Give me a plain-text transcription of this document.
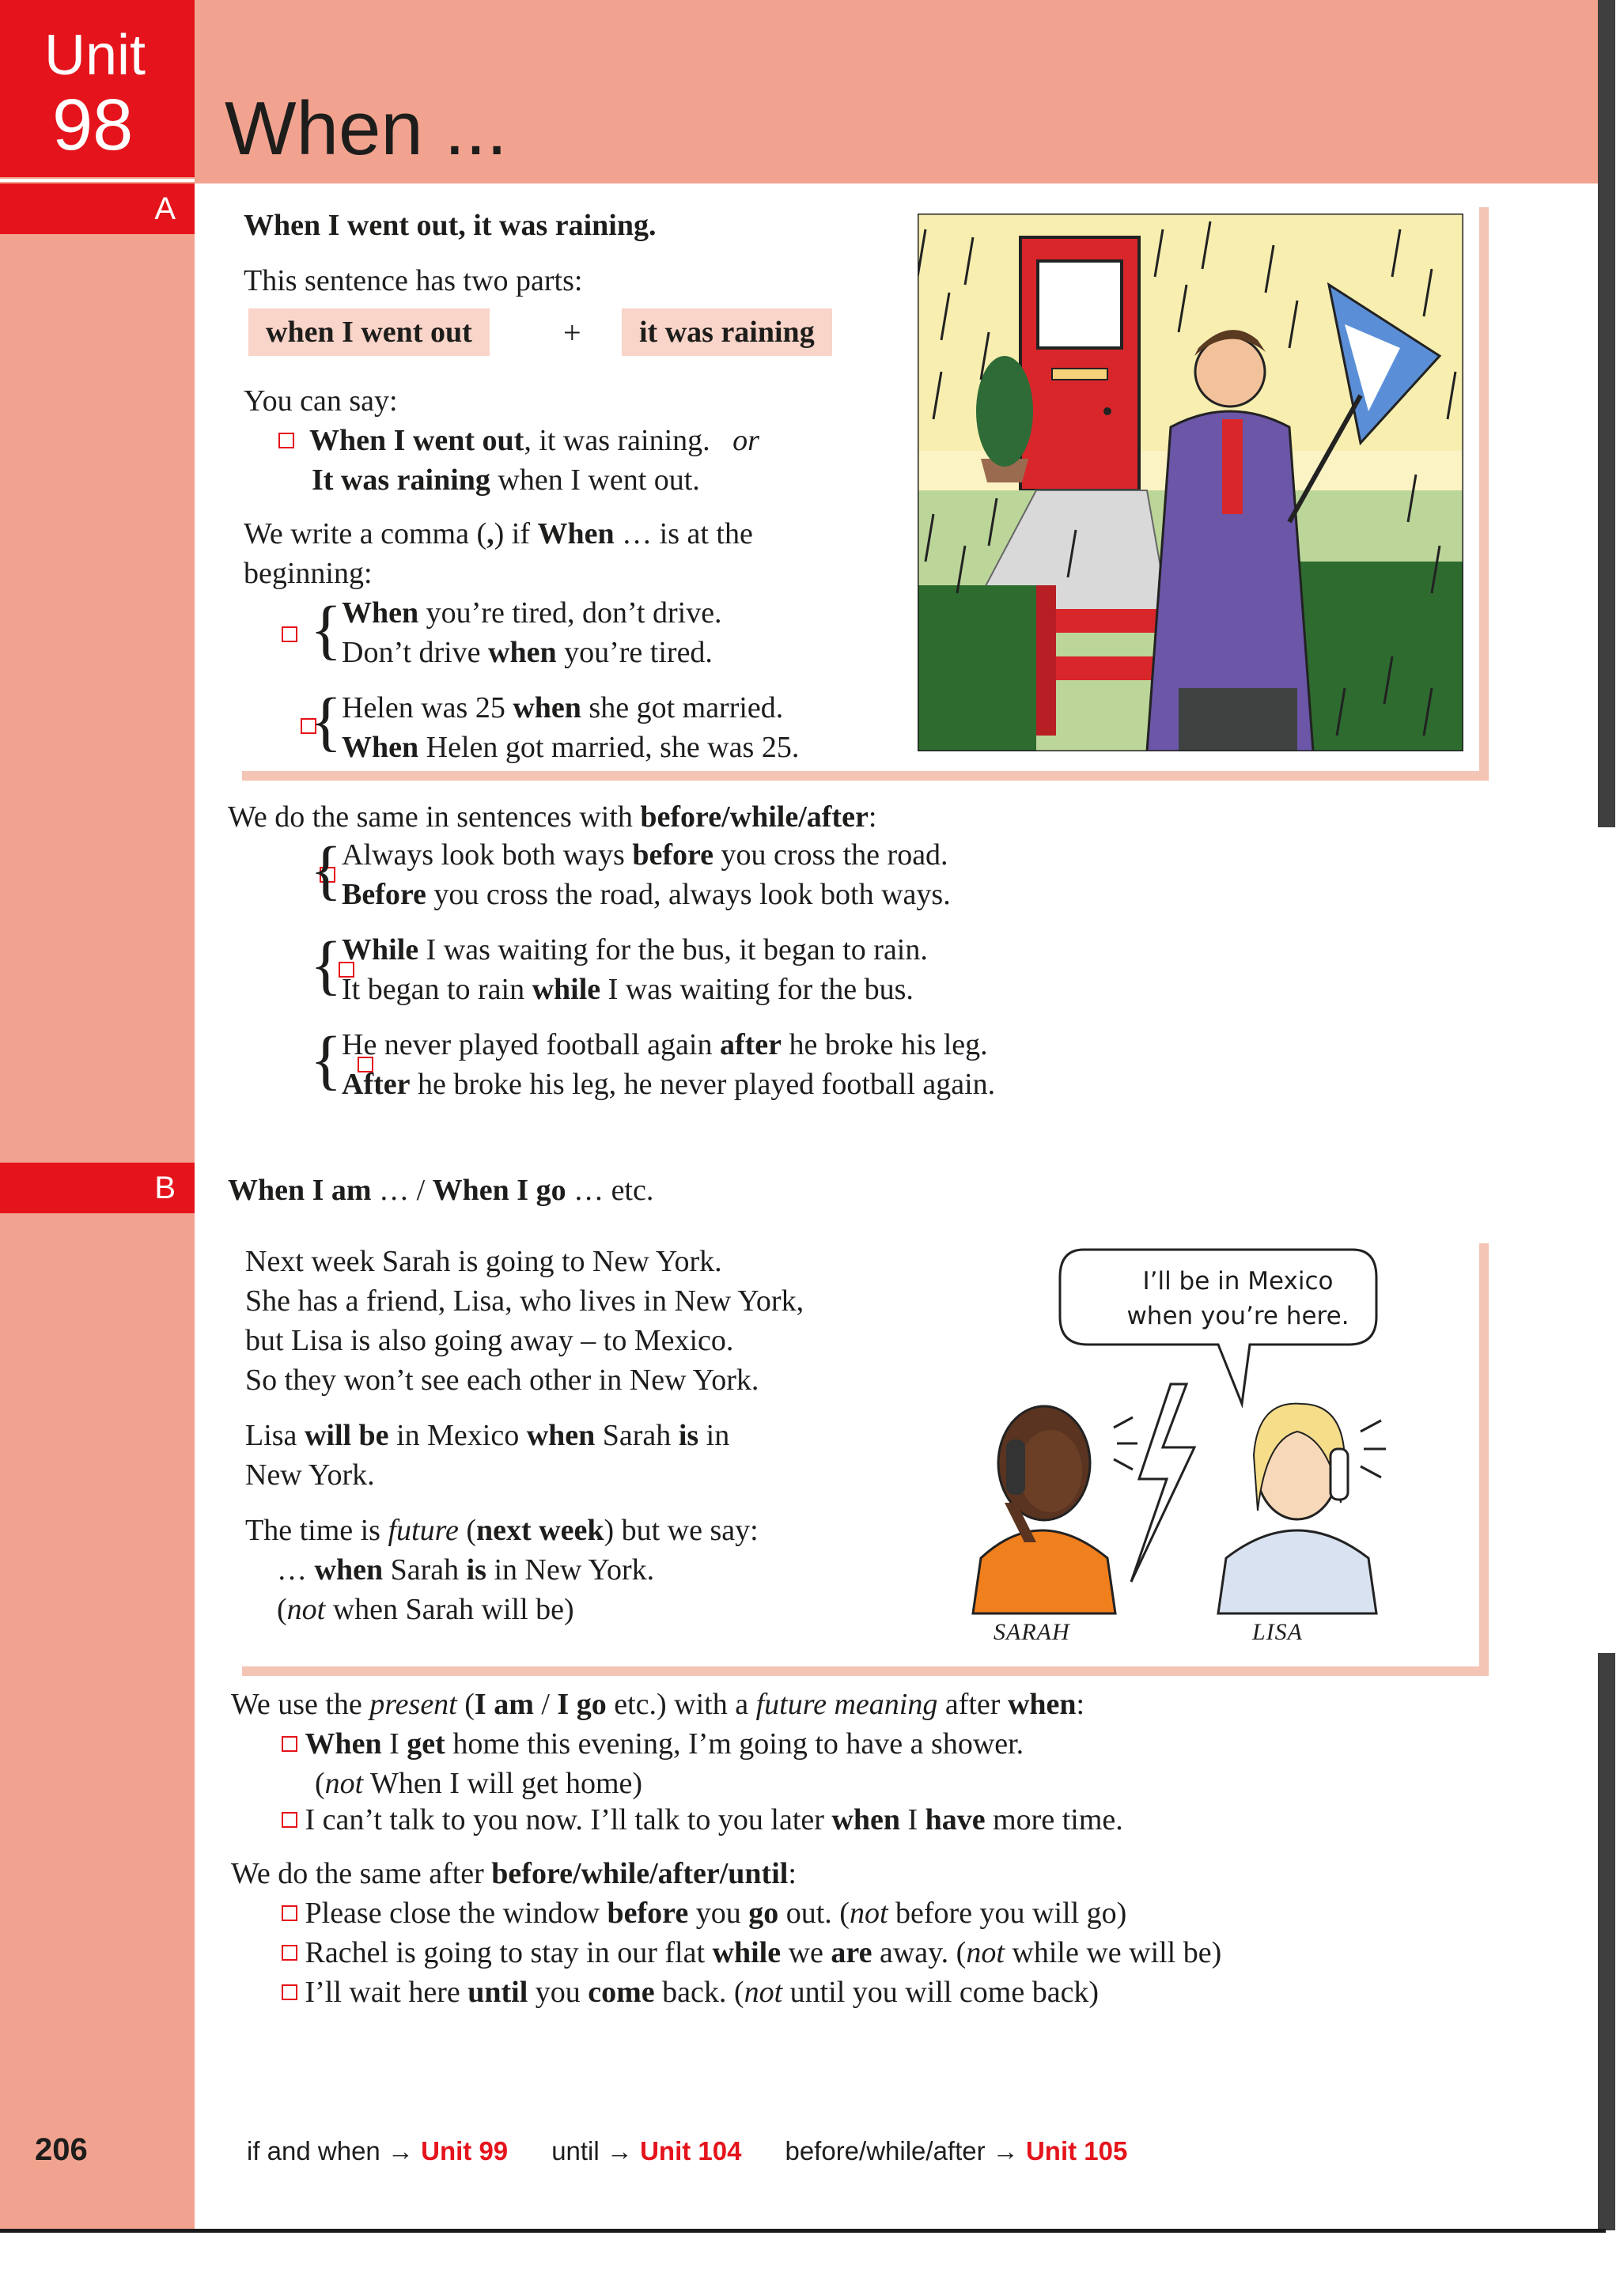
Unit
98 When ...
A
B
When I went out, it was raining.
This sentence has two parts:
when I went out	+	it was raining
You can say:
When I went out, it was raining. or
It was raining when I went out.
We write a comma (,) if When … is at the
beginning:

{ When you’re tired, don’t drive.
Don’t drive when you’re tired.

{ Helen was 25 when she got married.
When Helen got married, she was 25.
We do the same in sentences with before/while/after:

{ Always look both ways before you cross the road.
Before you cross the road, always look both ways.

{ While I was waiting for the bus, it began to rain.
It began to rain while I was waiting for the bus.
{ He never played football again after he broke his leg.
After he broke his leg, he never played football again.
When I am … / When I go … etc.
Next week Sarah is going to New York.
She has a friend, Lisa, who lives in New York,
but Lisa is also going away – to Mexico.
So they won’t see each other in New York.
Lisa will be in Mexico when Sarah is in
New York.
The time is future (next week) but we say:
… when Sarah is in New York.
(not when Sarah will be)
I’ll be in Mexico
when you’re here.
SARAH	LISA
We use the present (I am / I go etc.) with a future meaning after when:
When I get home this evening, I’m going to have a shower.
(not When I will get home)
I can’t talk to you now. I’ll talk to you later when I have more time.
We do the same after before/while/after/until:
Please close the window before you go out. (not before you will go)
Rachel is going to stay in our flat while we are away. (not while we will be)
I’ll wait here until you come back. (not until you will come back)
206	if and when → Unit 99 until → Unit 104 before/while/after → Unit 105
